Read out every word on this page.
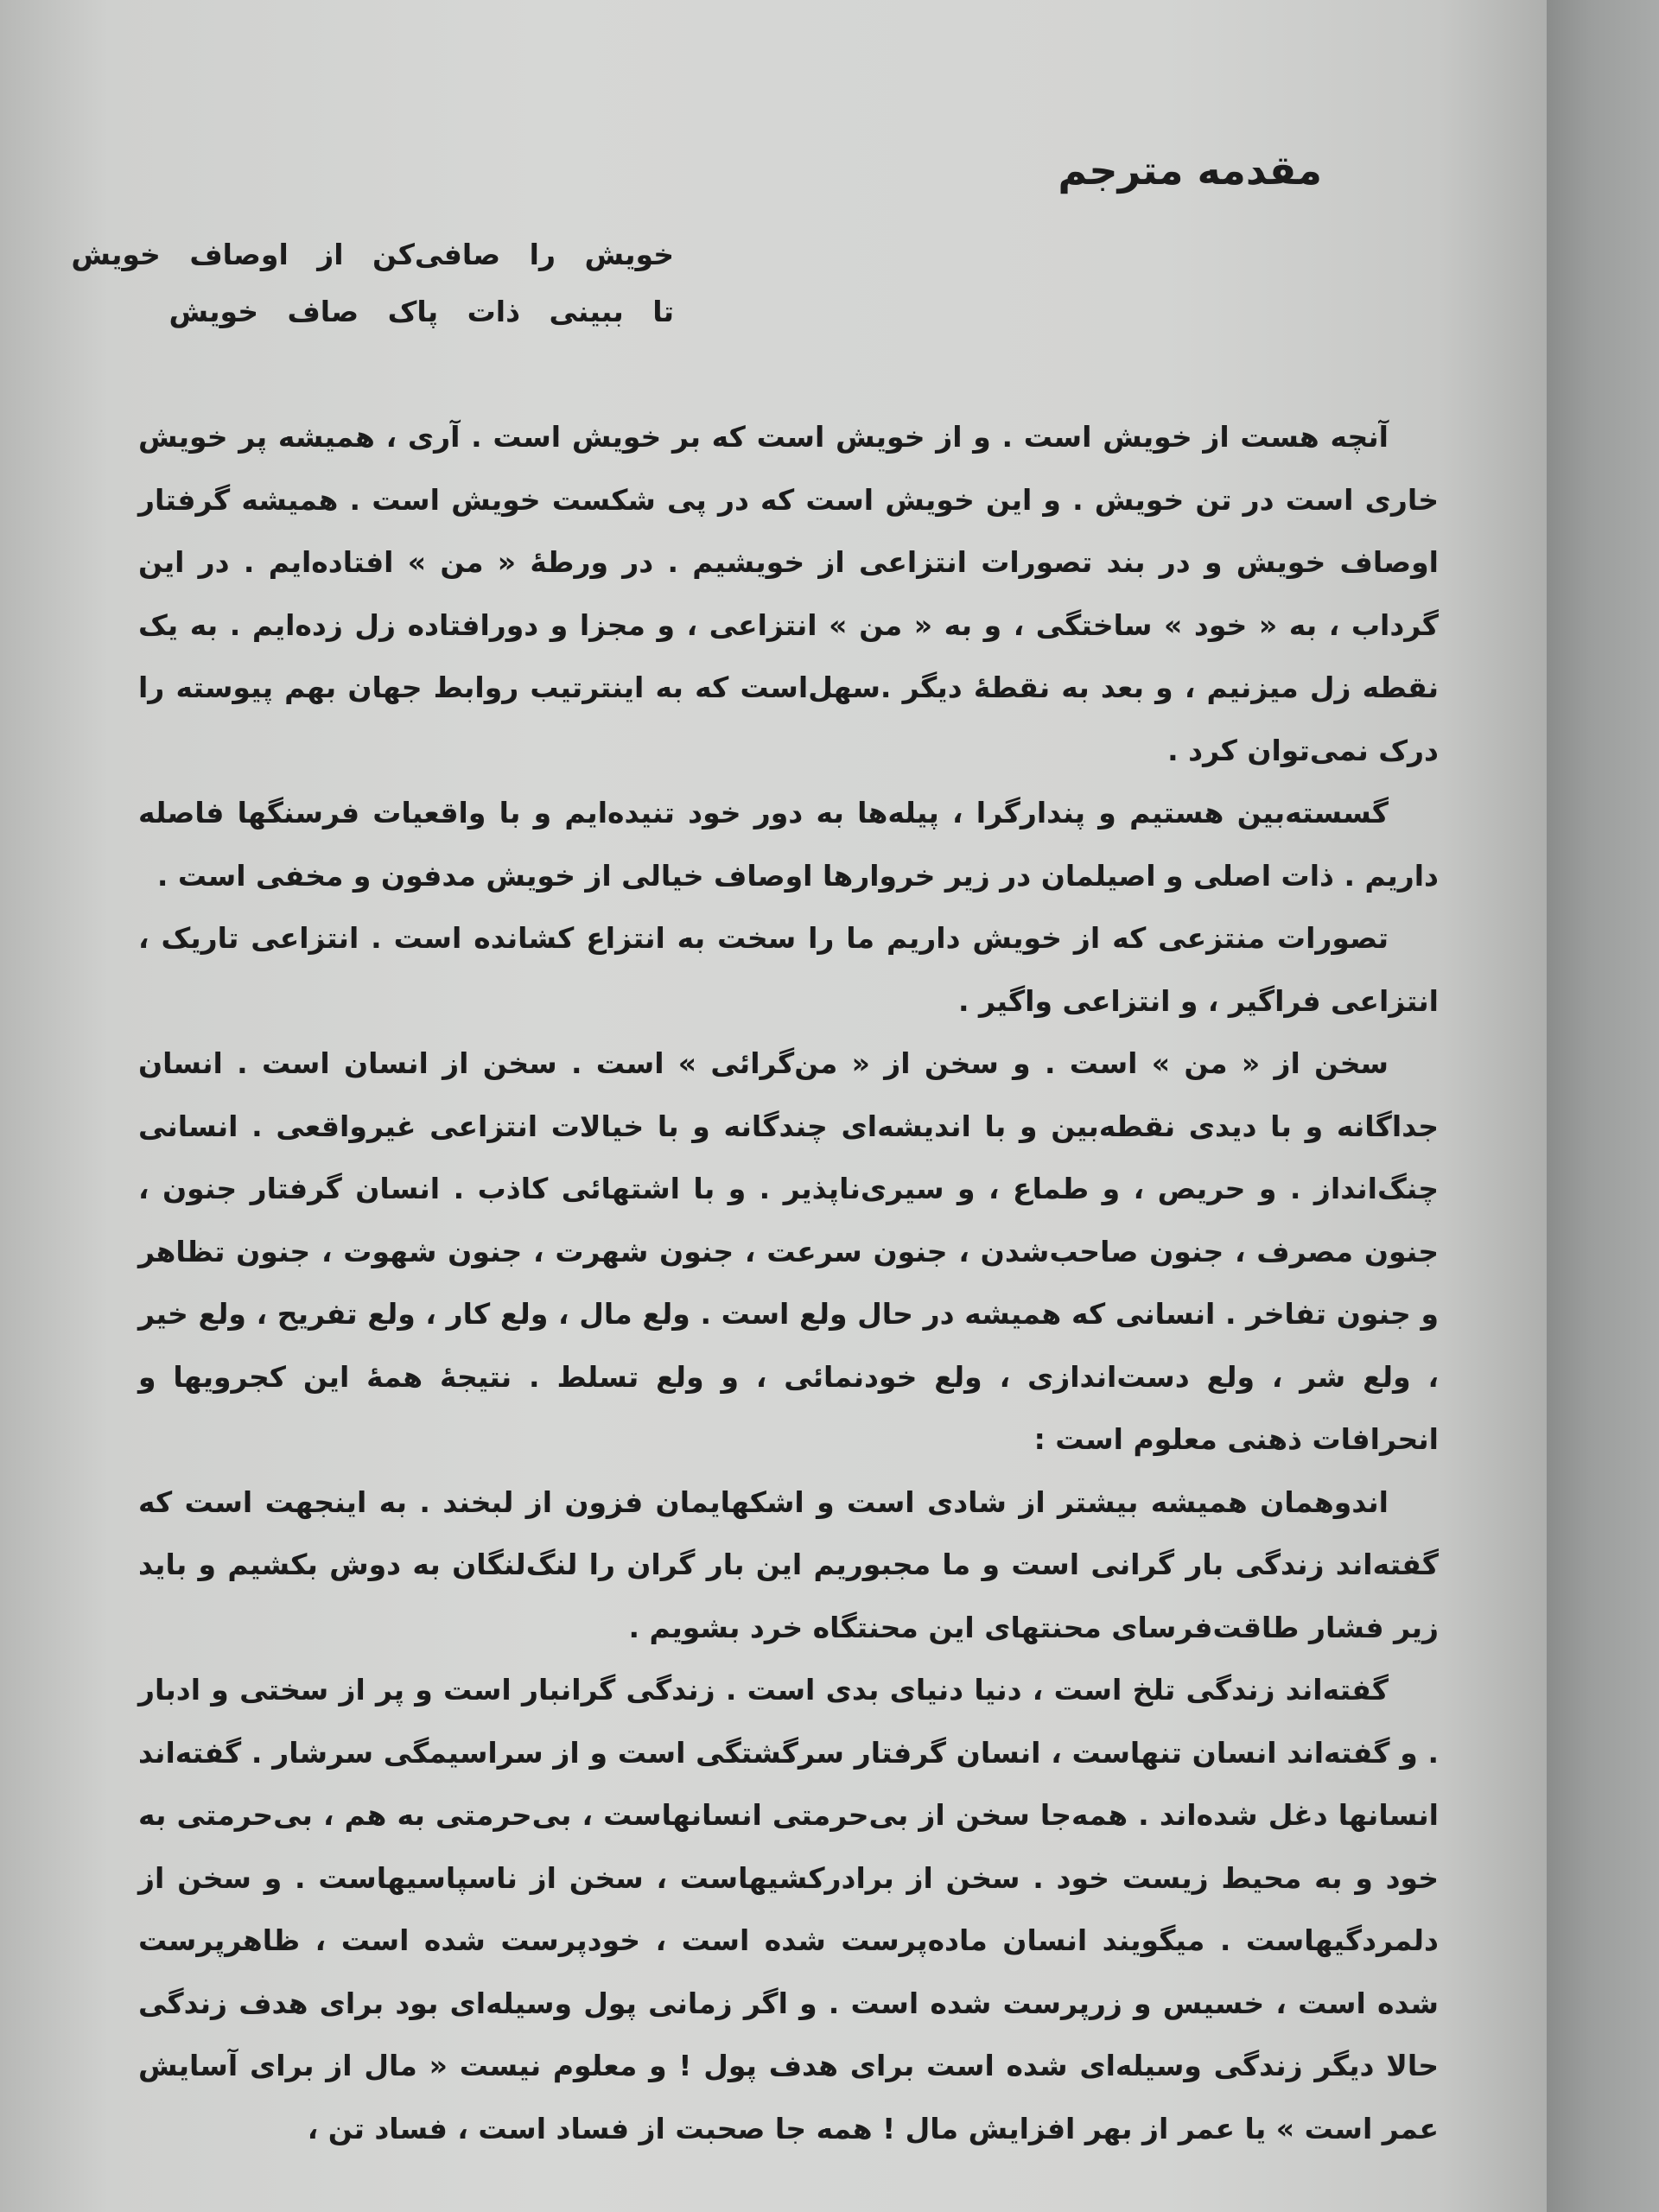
مقدمه مترجم
خویش را صافی‌کن از اوصاف خویش
تا ببینی ذات پاک صاف خویش

آنچه هست از خویش است . و از خویش است که بر خویش است . آری ، همیشه پر خویش خاری است در تن خویش . و این خویش است که در پی شکست خویش است . همیشه گرفتار اوصاف خویش و در بند تصورات انتزاعی از خویشیم . در ورطهٔ « من » افتاده‌ایم . در این گرداب ، به « خود » ساختگی ، و به « من » انتزاعی ، و مجزا و دورافتاده زل زده‌ایم . به یک نقطه زل میزنیم ، و بعد به نقطهٔ دیگر .سهل‌است که به اینترتیب روابط جهان بهم پیوسته را درک نمی‌توان کرد .

گسسته‌بین هستیم و پندارگرا ، پیله‌ها به دور خود تنیده‌ایم و با واقعیات فرسنگها فاصله داریم . ذات اصلی و اصیلمان در زیر خروارها اوصاف خیالی از خویش مدفون و مخفی است .

تصورات منتزعی که از خویش داریم ما را سخت به انتزاع کشانده است . انتزاعی تاریک ، انتزاعی فراگیر ، و انتزاعی واگیر .

سخن از « من » است . و سخن از « من‌گرائی » است . سخن از انسان است . انسان جداگانه و با دیدی نقطه‌بین و با اندیشه‌ای چندگانه و با خیالات انتزاعی غیرواقعی . انسانی چنگ‌انداز . و حریص ، و طماع ، و سیری‌ناپذیر . و با اشتهائی کاذب . انسان گرفتار جنون ، جنون مصرف ، جنون صاحب‌شدن ، جنون سرعت ، جنون شهرت ، جنون شهوت ، جنون تظاهر و جنون تفاخر . انسانی که همیشه در حال ولع است . ولع مال ، ولع کار ، ولع تفریح ، ولع خیر ، ولع شر ، ولع دست‌اندازی ، ولع خودنمائی ، و ولع تسلط . نتیجهٔ همهٔ این کجرویها و انحرافات ذهنی معلوم است :

اندوهمان همیشه بیشتر از شادی است و اشکهایمان فزون از لبخند . به اینجهت است که گفته‌اند زندگی بار گرانی است و ما مجبوریم این بار گران را لنگ‌لنگان به دوش بکشیم و باید زیر فشار طاقت‌فرسای محنتهای این محنتگاه خرد بشویم .

گفته‌اند زندگی تلخ است ، دنیا دنیای بدی است . زندگی گرانبار است و پر از سختی و ادبار . و گفته‌اند انسان تنهاست ، انسان گرفتار سرگشتگی است و از سراسیمگی سرشار . گفته‌اند انسانها دغل شده‌اند . همه‌جا سخن از بی‌حرمتی انسانهاست ، بی‌حرمتی به هم ، بی‌حرمتی به خود و به محیط زیست خود . سخن از برادرکشیهاست ، سخن از ناسپاسیهاست . و سخن از دلمردگیهاست . میگویند انسان ماده‌پرست شده است ، خودپرست شده است ، ظاهرپرست شده است ، خسیس و زرپرست شده است . و اگر زمانی پول وسیله‌ای بود برای هدف زندگی حالا دیگر زندگی وسیله‌ای شده است برای هدف پول ! و معلوم نیست « مال از برای آسایش عمر است » یا عمر از بهر افزایش مال ! همه جا صحبت از فساد است ، فساد تن ،
